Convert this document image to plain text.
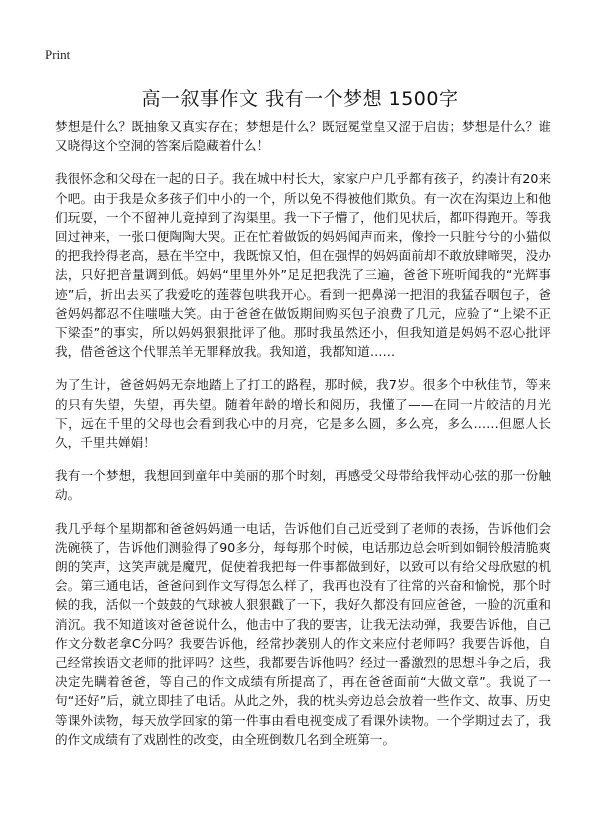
Print
高一叙事作文 我有一个梦想 1500字

梦想是什么？既抽象又真实存在；梦想是什么？既冠冕堂皇又涩于启齿；梦想是什么？谁又晓得这个空洞的答案后隐藏着什么！

我很怀念和父母在一起的日子。我在城中村长大，家家户户几乎都有孩子，约凑计有20来个吧。由于我是众多孩子们中小的一个，所以免不得被他们欺负。有一次在沟渠边上和他们玩耍，一个不留神儿竟掉到了沟渠里。我一下子懵了，他们见状后，都吓得跑开。等我回过神来，一张口便陶陶大哭。正在忙着做饭的妈妈闻声而来，像拎一只脏兮兮的小猫似的把我拎得老高，悬在半空中，我既惊又怕，但在强悍的妈妈面前却不敢放肆啼哭，没办法，只好把音量调到低。妈妈“里里外外”足足把我洗了三遍，爸爸下班听闻我的“光辉事迹”后，折出去买了我爱吃的莲蓉包哄我开心。看到一把鼻涕一把泪的我猛吞咽包子，爸爸妈妈都忍不住嗤嗤大笑。由于爸爸在做饭期间购买包子浪费了几元，应验了“上梁不正下梁歪”的事实，所以妈妈狠狠批评了他。那时我虽然还小，但我知道是妈妈不忍心批评我，借爸爸这个代罪羔羊无罪释放我。我知道，我都知道……

为了生计，爸爸妈妈无奈地踏上了打工的路程，那时候，我7岁。很多个中秋佳节，等来的只有失望，失望，再失望。随着年龄的增长和阅历，我懂了——在同一片皎洁的月光下，远在千里的父母也会看到我心中的月亮，它是多么圆，多么亮，多么……但愿人长久，千里共婵娟！

我有一个梦想，我想回到童年中美丽的那个时刻，再感受父母带给我怦动心弦的那一份触动。

我几乎每个星期都和爸爸妈妈通一电话，告诉他们自己近受到了老师的表扬，告诉他们会洗碗筷了，告诉他们测验得了90多分，每每那个时候，电话那边总会听到如铜铃般清脆爽朗的笑声，这笑声就是魔咒，促使着我把每一件事都做到好，以致可以有给父母欣慰的机会。第三通电话，爸爸问到作文写得怎么样了，我再也没有了往常的兴奋和愉悦，那个时候的我，活似一个鼓鼓的气球被人狠狠戳了一下，我好久都没有回应爸爸，一脸的沉重和消沉。我不知道该对爸爸说什么，他击中了我的要害，让我无法动弹，我要告诉他，自己作文分数老拿C分吗？我要告诉他，经常抄袭别人的作文来应付老师吗？我要告诉他，自己经常挨语文老师的批评吗？这些，我都要告诉他吗？经过一番激烈的思想斗争之后，我决定先瞒着爸爸，等自己的作文成绩有所提高了，再在爸爸面前“大做文章”。我说了一句“还好”后，就立即挂了电话。从此之外，我的枕头旁边总会放着一些作文、故事、历史等课外读物，每天放学回家的第一件事由看电视变成了看课外读物。一个学期过去了，我的作文成绩有了戏剧性的改变，由全班倒数几名到全班第一。
